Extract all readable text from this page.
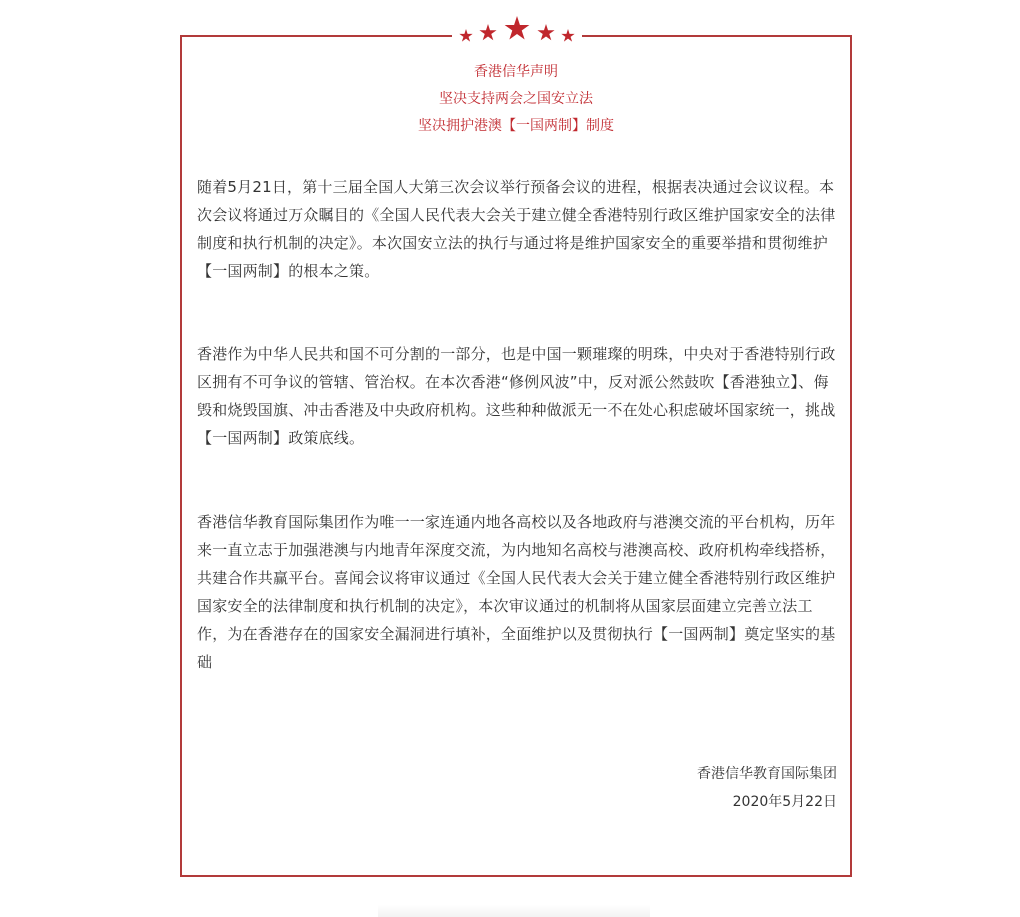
香港信华声明
坚决支持两会之国安立法
坚决拥护港澳【一国两制】制度
随着5月21日，第十三届全国人大第三次会议举行预备会议的进程，根据表决通过会议议程。本次会议将通过万众瞩目的《全国人民代表大会关于建立健全香港特别行政区维护国家安全的法律制度和执行机制的决定》。本次国安立法的执行与通过将是维护国家安全的重要举措和贯彻维护【一国两制】的根本之策。
香港作为中华人民共和国不可分割的一部分，也是中国一颗璀璨的明珠，中央对于香港特别行政区拥有不可争议的管辖、管治权。在本次香港“修例风波”中，反对派公然鼓吹【香港独立】、侮毁和烧毁国旗、冲击香港及中央政府机构。这些种种做派无一不在处心积虑破坏国家统一，挑战【一国两制】政策底线。
香港信华教育国际集团作为唯一一家连通内地各高校以及各地政府与港澳交流的平台机构，历年来一直立志于加强港澳与内地青年深度交流，为内地知名高校与港澳高校、政府机构牵线搭桥，共建合作共赢平台。喜闻会议将审议通过《全国人民代表大会关于建立健全香港特别行政区维护国家安全的法律制度和执行机制的决定》，本次审议通过的机制将从国家层面建立完善立法工作，为在香港存在的国家安全漏洞进行填补，全面维护以及贯彻执行【一国两制】奠定坚实的基础
香港信华教育国际集团
2020年5月22日
